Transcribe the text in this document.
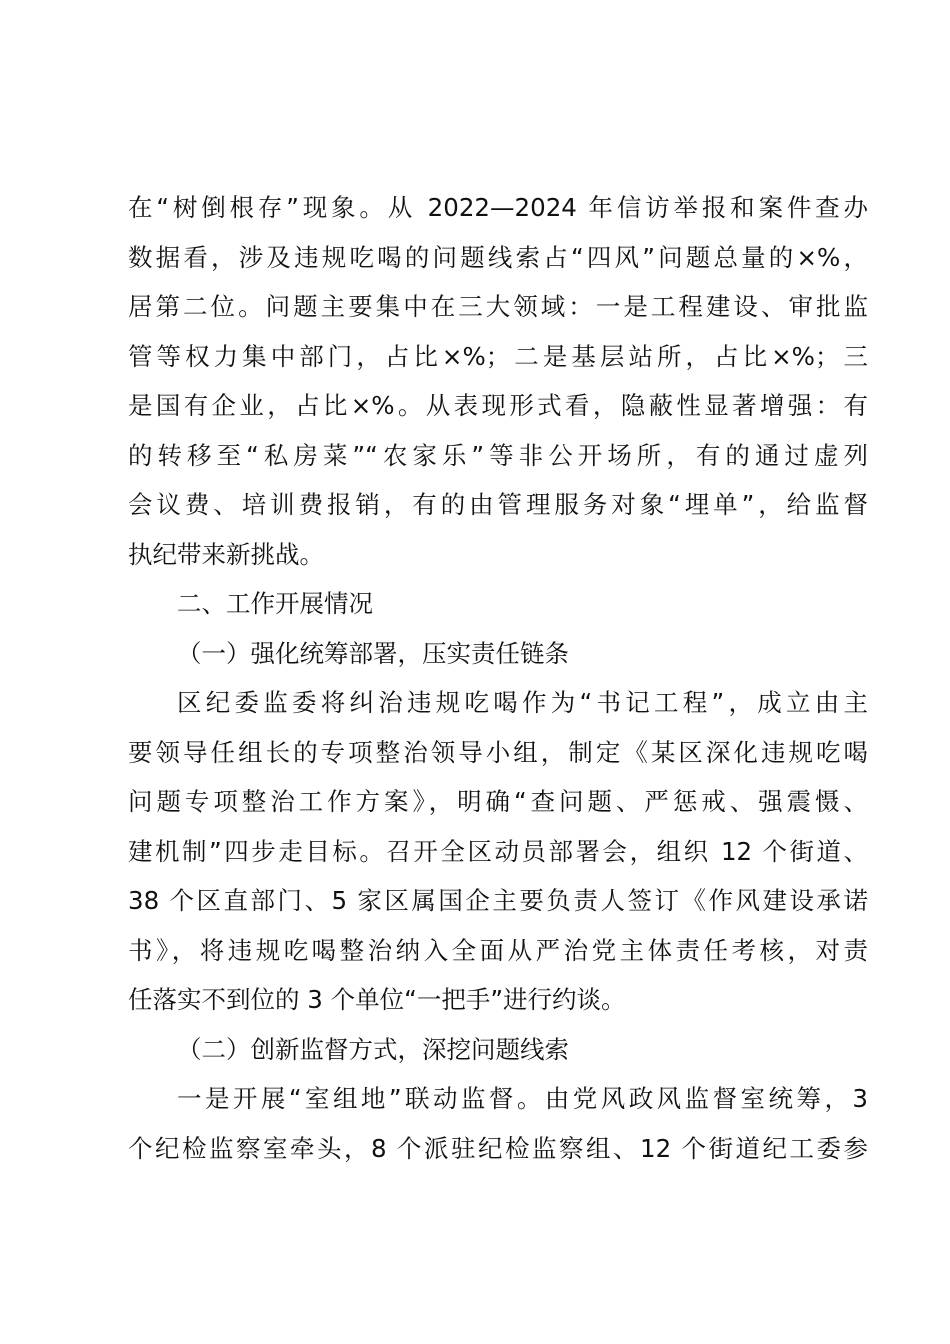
在“树倒根存”现象。从 2022—2024 年信访举报和案件查办

数据看，涉及违规吃喝的问题线索占“四风”问题总量的×%，

居第二位。问题主要集中在三大领域：一是工程建设、审批监

管等权力集中部门，占比×%；二是基层站所，占比×%；三

是国有企业，占比×%。从表现形式看，隐蔽性显著增强：有

的转移至“私房菜”“农家乐”等非公开场所，有的通过虚列

会议费、培训费报销，有的由管理服务对象“埋单”，给监督

执纪带来新挑战。

二、工作开展情况

（一）强化统筹部署，压实责任链条

区纪委监委将纠治违规吃喝作为“书记工程”，成立由主

要领导任组长的专项整治领导小组，制定《某区深化违规吃喝

问题专项整治工作方案》，明确“查问题、严惩戒、强震慑、

建机制”四步走目标。召开全区动员部署会，组织 12 个街道、

38 个区直部门、5 家区属国企主要负责人签订《作风建设承诺

书》，将违规吃喝整治纳入全面从严治党主体责任考核，对责

任落实不到位的 3 个单位“一把手”进行约谈。

（二）创新监督方式，深挖问题线索

一是开展“室组地”联动监督。由党风政风监督室统筹，3

个纪检监察室牵头，8 个派驻纪检监察组、12 个街道纪工委参
